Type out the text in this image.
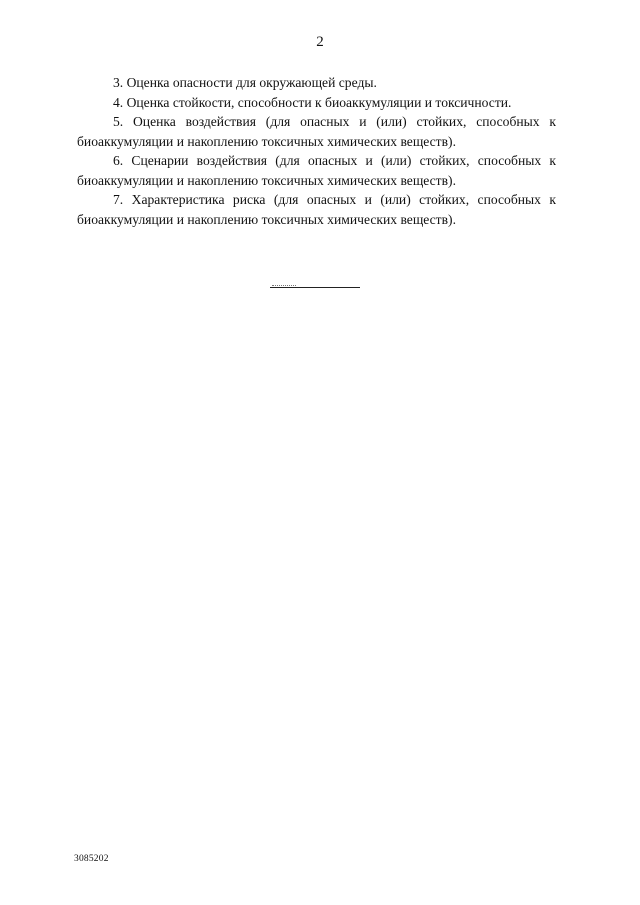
2

3. Оценка опасности для окружающей среды.

4. Оценка стойкости, способности к биоаккумуляции и токсичности.

5. Оценка воздействия (для опасных и (или) стойких, способных к биоаккумуляции и накоплению токсичных химических веществ).

6. Сценарии воздействия (для опасных и (или) стойких, способных к биоаккумуляции и накоплению токсичных химических веществ).

7. Характеристика риска (для опасных и (или) стойких, способных к биоаккумуляции и накоплению токсичных химических веществ).

3085202
